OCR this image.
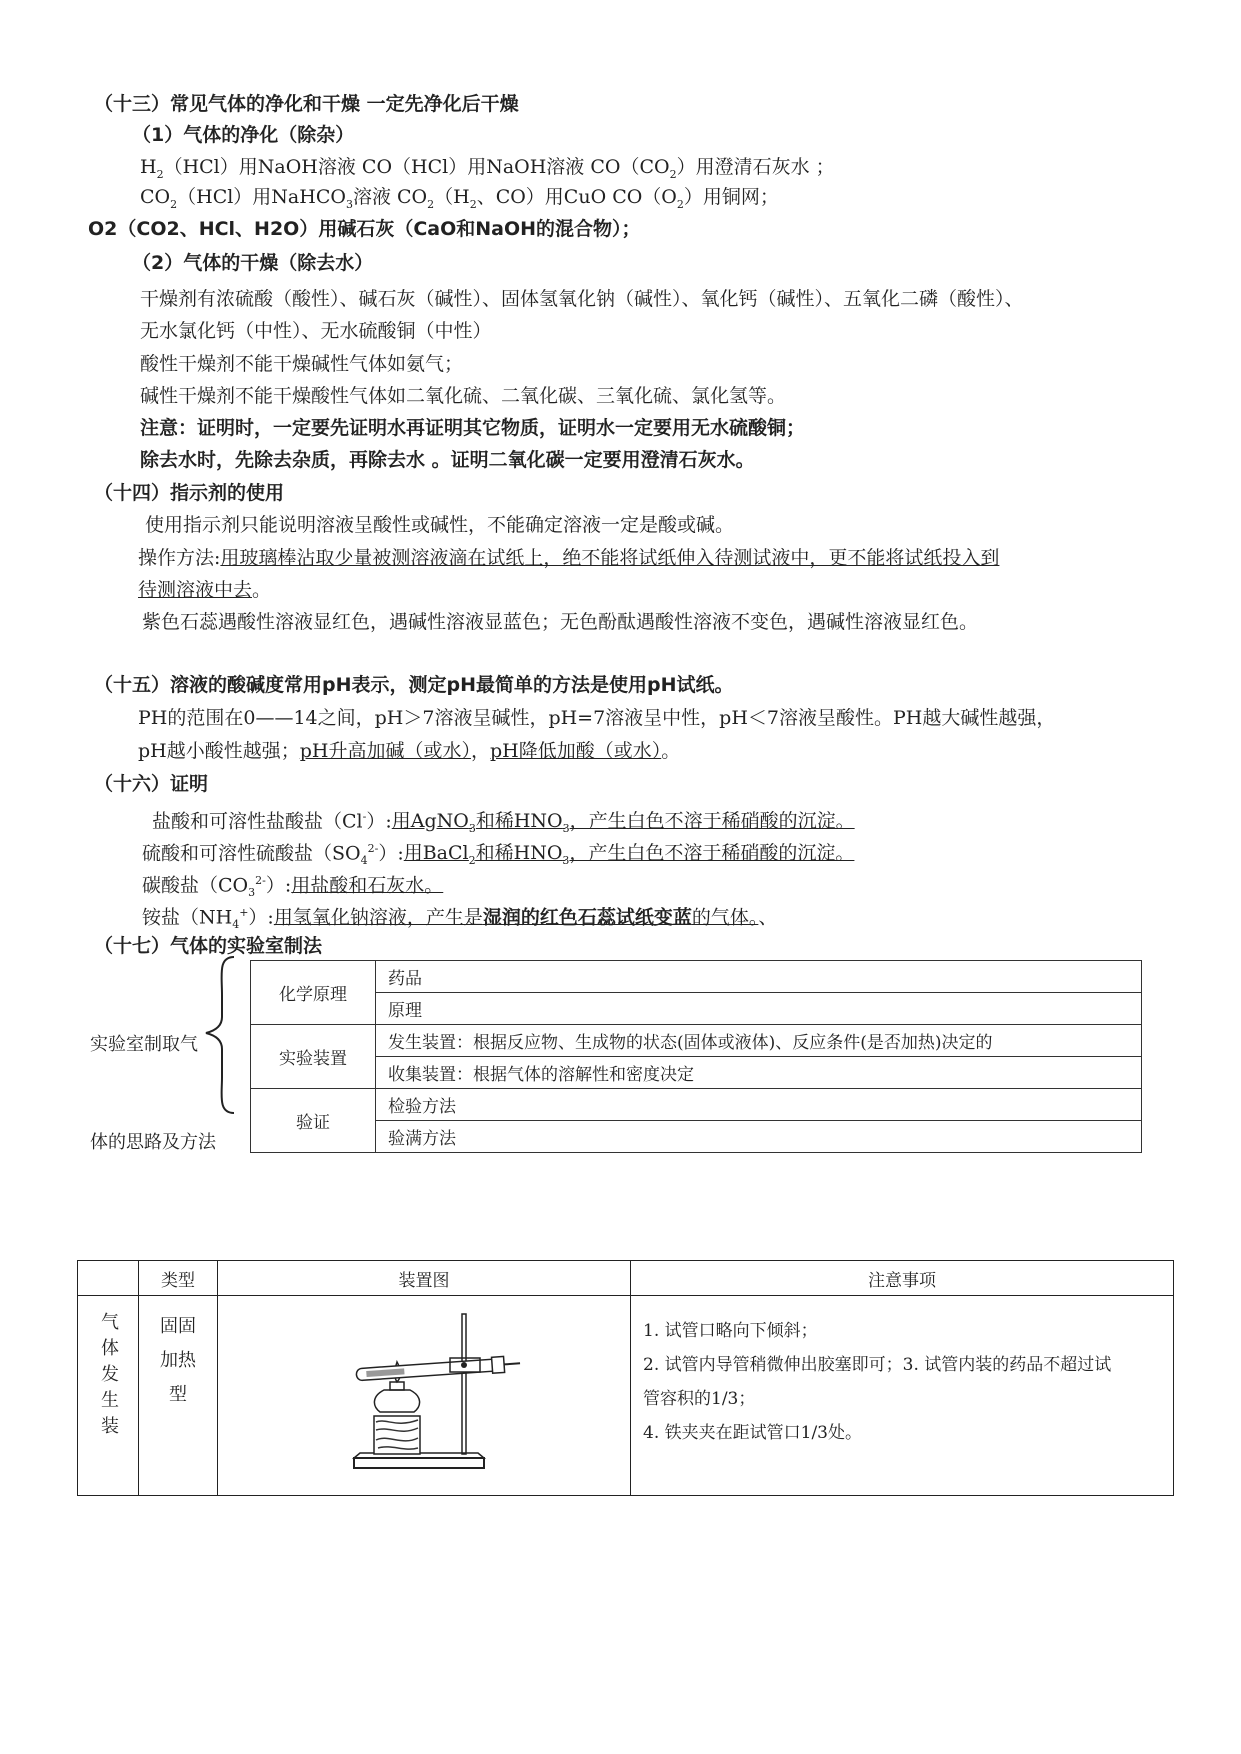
（十三）常见气体的净化和干燥 一定先净化后干燥
（1）气体的净化（除杂）
$H_2(HCl)$用NaOH溶液 CO（HCl）用NaOH溶液 $CO(CO_2)$用澄清石灰水 ；
$CO_2(HCl)$用NaHCO$_3$溶液 $CO_2(H_2$、CO）用CuO $CO(O_2)$用铜网；
O2（CO2、HCl、H2O）用碱石灰（CaO和NaOH的混合物）；
（2）气体的干燥（除去水）
干燥剂有浓硫酸（酸性）、碱石灰（碱性）、固体氢氧化钠（碱性）、氧化钙（碱性）、五氧化二磷（酸性）、
无水氯化钙（中性）、无水硫酸铜（中性）
酸性干燥剂不能干燥碱性气体如氨气；
碱性干燥剂不能干燥酸性气体如二氧化硫、二氧化碳、三氧化硫、氯化氢等。
注意：证明时，一定要先证明水再证明其它物质，证明水一定要用无水硫酸铜；
除去水时，先除去杂质，再除去水 。证明二氧化碳一定要用澄清石灰水。
（十四）指示剂的使用
使用指示剂只能说明溶液呈酸性或碱性，不能确定溶液一定是酸或碱。
操作方法:用玻璃棒沾取少量被测溶液滴在试纸上，绝不能将试纸伸入待测试液中，更不能将试纸投入到
待测溶液中去。
紫色石蕊遇酸性溶液显红色，遇碱性溶液显蓝色；无色酚酞遇酸性溶液不变色，遇碱性溶液显红色。
（十五）溶液的酸碱度常用pH表示，测定pH最简单的方法是使用pH试纸。
PH的范围在0——14之间，pH＞7溶液呈碱性，pH=7溶液呈中性，pH＜7溶液呈酸性。PH越大碱性越强，
pH越小酸性越强；pH升高加碱（或水），pH降低加酸（或水）。
（十六）证明
盐酸和可溶性盐酸盐（Cl-）:用AgNO$_3$和稀$HNO_3$，产生白色不溶于稀硝酸的沉淀。
硫酸和可溶性硫酸盐$(SO_4^{2-})$:用BaCl$_2$和稀$HNO_3$，产生白色不溶于稀硝酸的沉淀。
碳酸盐$(CO_3^{2-})$:用盐酸和石灰水。
铵盐$(NH_4^+)$:用氢氧化钠溶液，产生是湿润的红色石蕊试纸变蓝的气体。、
（十七）气体的实验室制法
实验室制取气
体的思路及方法
化学原理	药品
	原理
实验装置	发生装置：根据反应物、生成物的状态(固体或液体)、反应条件(是否加热)决定的
	收集装置：根据气体的溶解性和密度决定
验证	检验方法
	验满方法
	类型	装置图	注意事项

气体发生装	固固加热型		1. 试管口略向下倾斜；
2. 试管内导管稍微伸出胶塞即可；3. 试管内装的药品不超过试
管容积的1/3；
4. 铁夹夹在距试管口1/3处。
